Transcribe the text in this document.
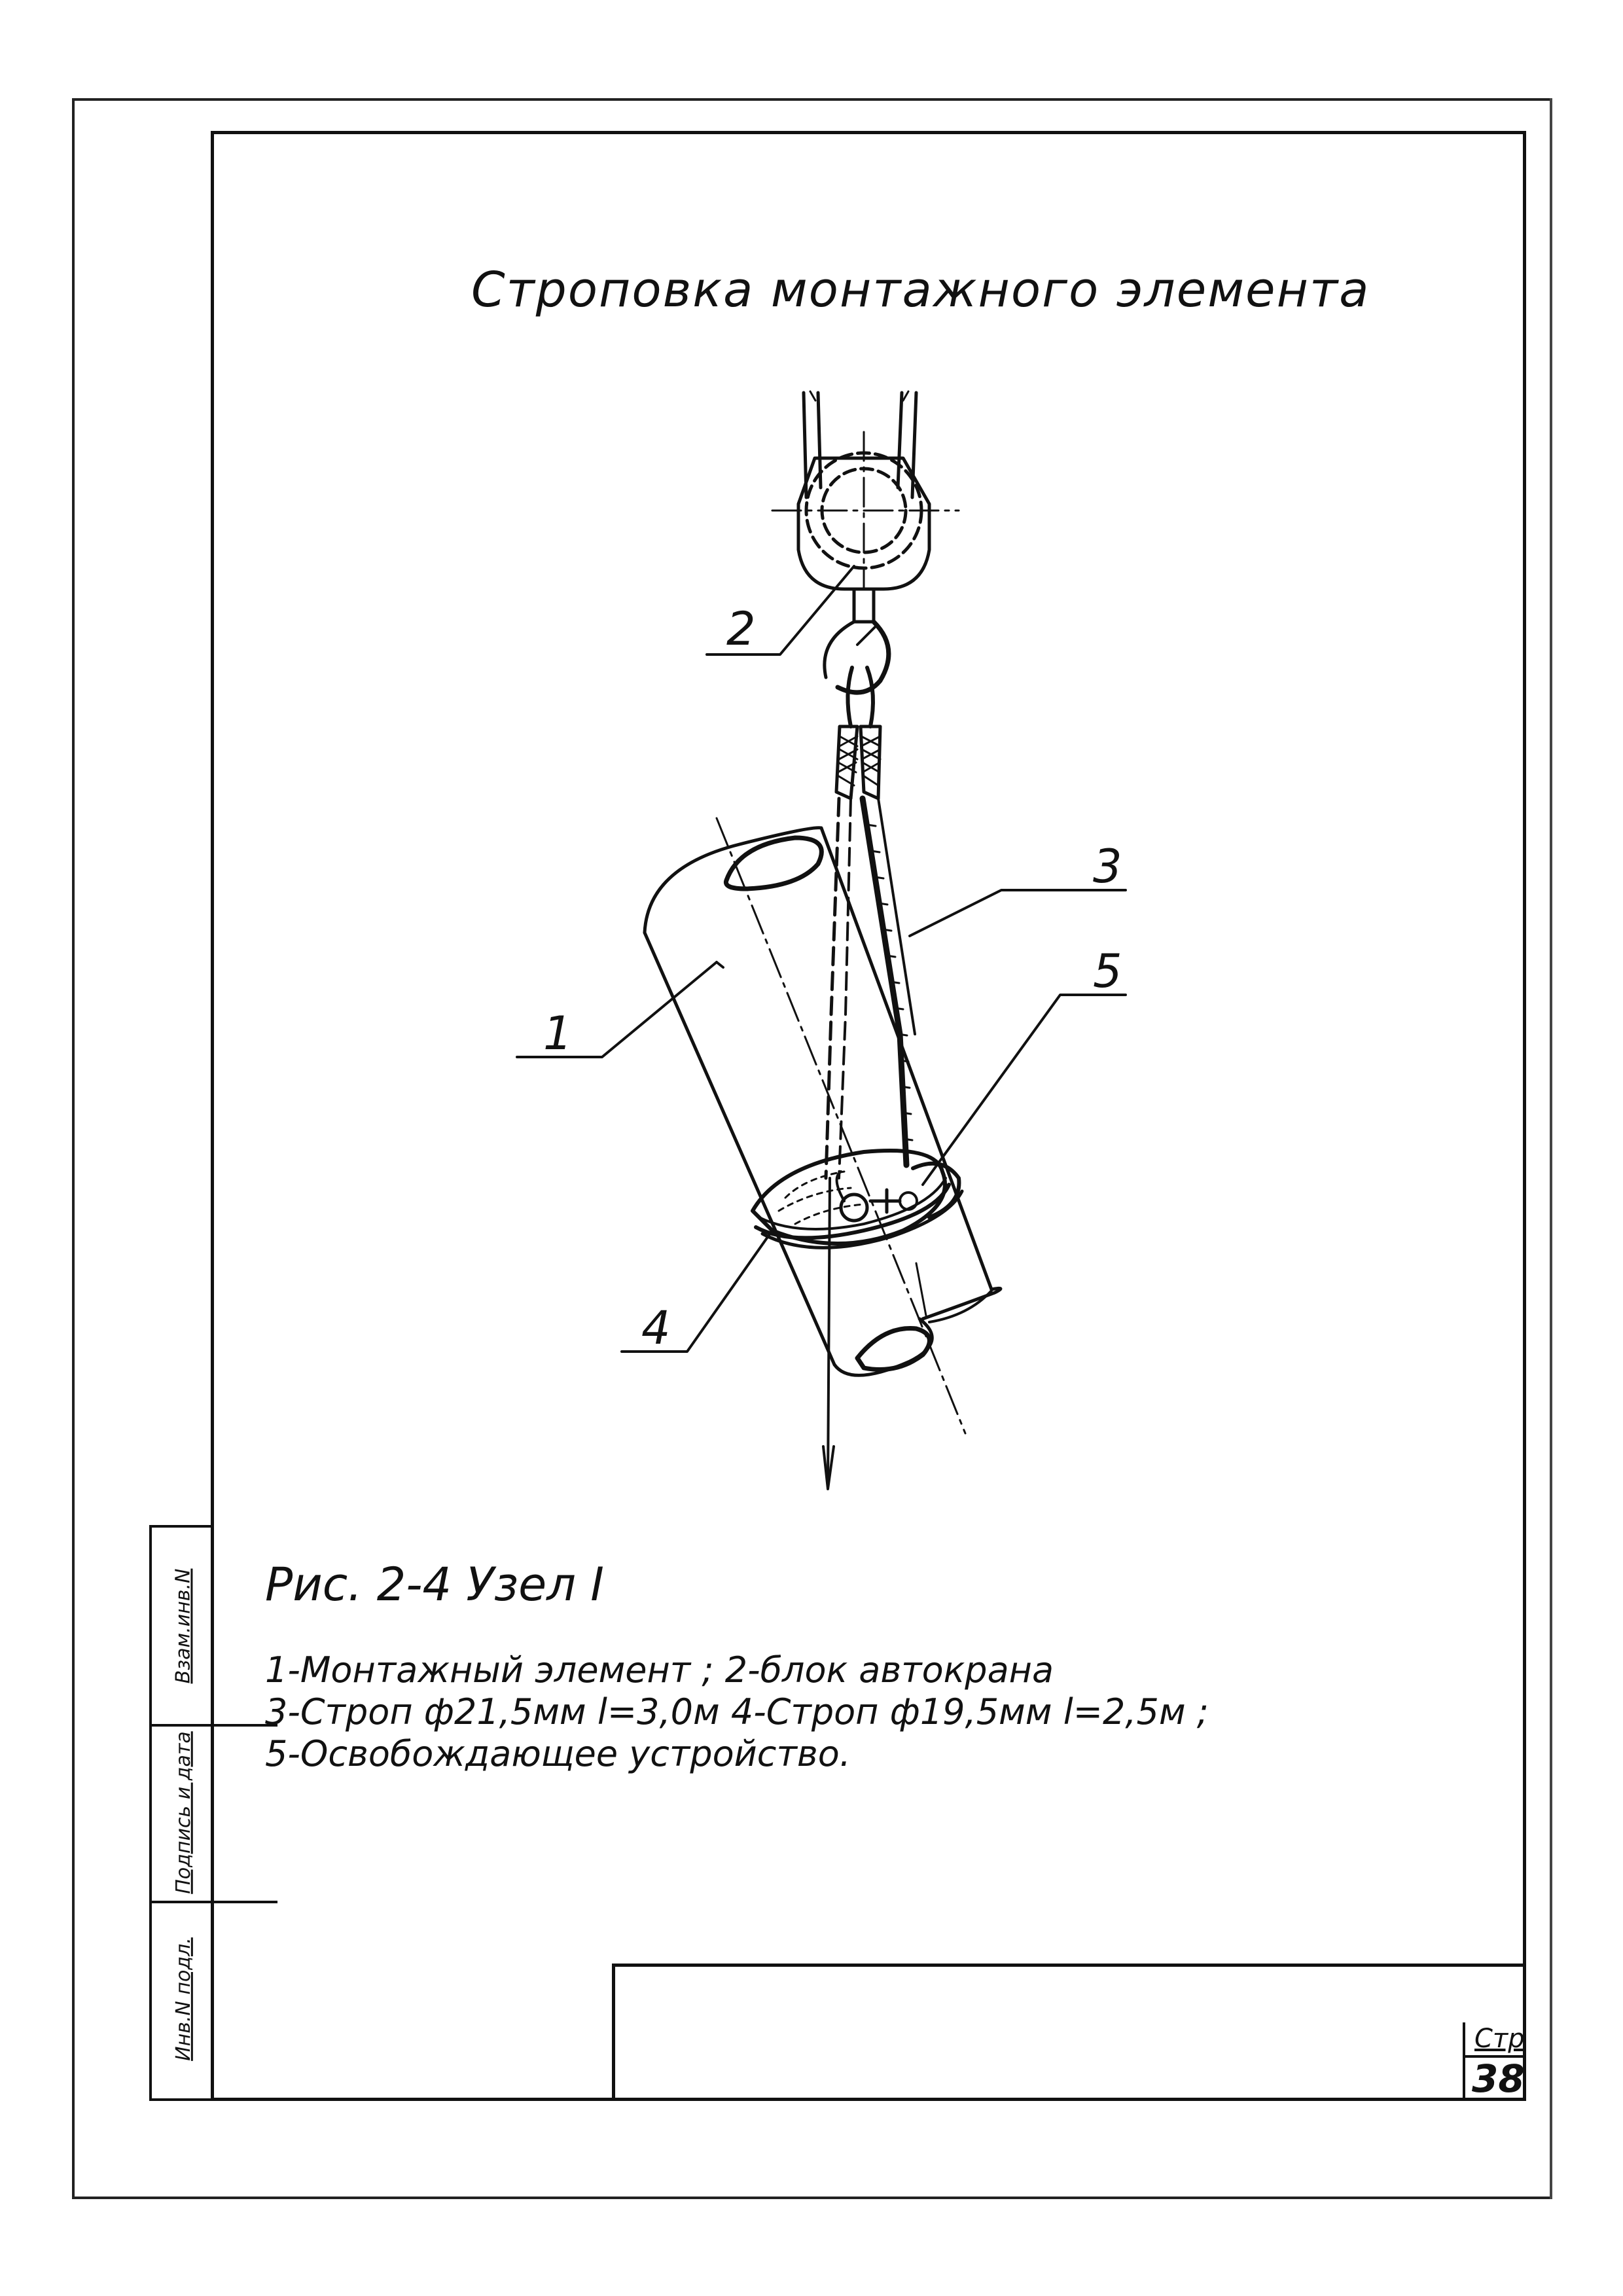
Инв.N подл.
Подпись и дата
Взам.инв.N
Стр
38
Строповка монтажного элемента
2
1
3
5
4
Рис. 2-4 Узел I
1-Монтажный элемент ; 2-блок автокрана
3-Строп ф21,5мм l=3,0м 4-Строп ф19,5мм l=2,5м ;
5-Освобождающее устройство.
